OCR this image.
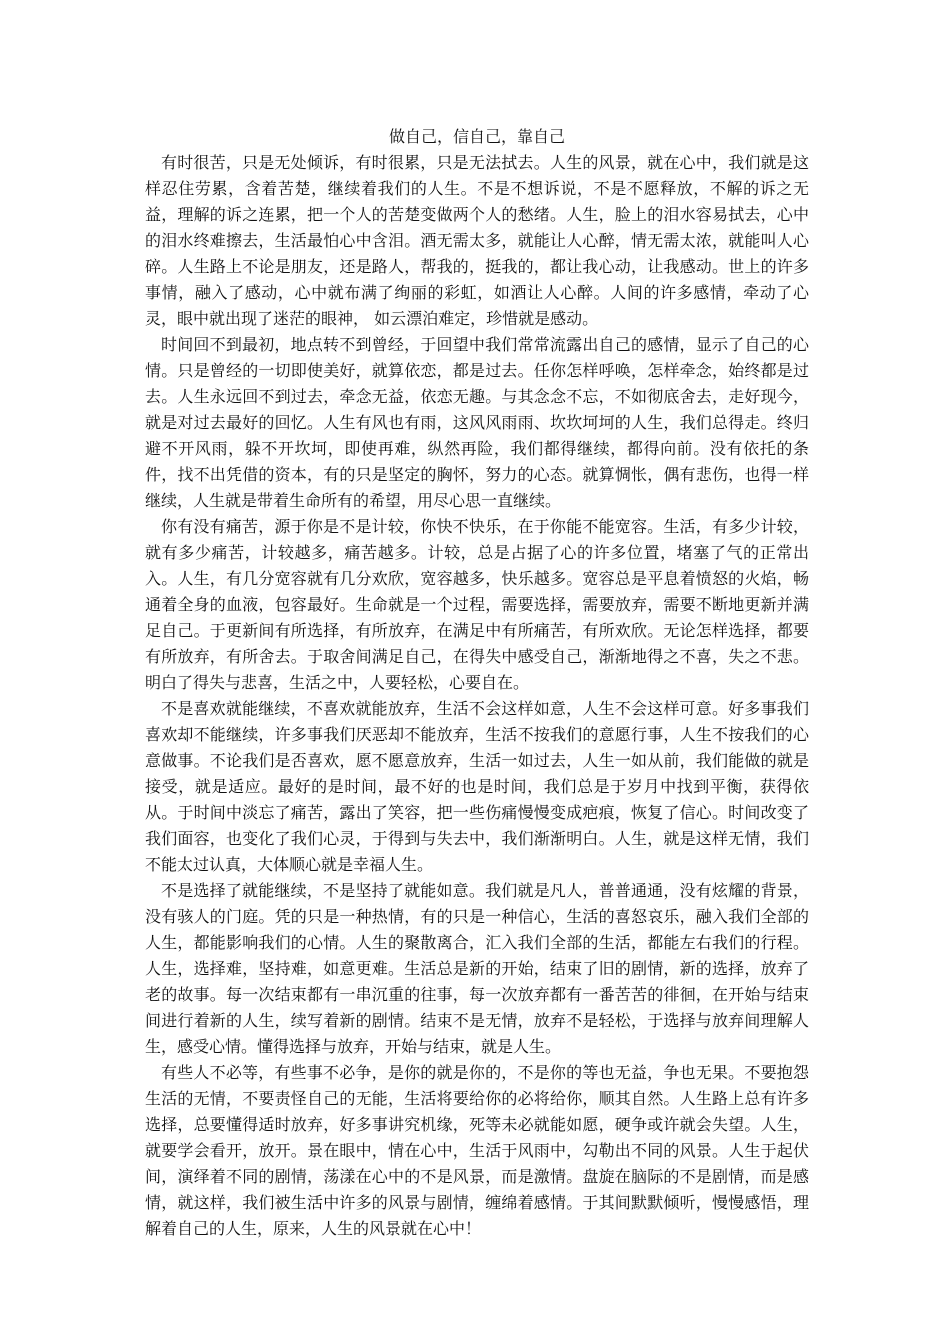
做自己，信自己，靠自己

有时很苦，只是无处倾诉，有时很累，只是无法拭去。人生的风景，就在心中，我们就是这样忍住劳累，含着苦楚，继续着我们的人生。不是不想诉说，不是不愿释放，不解的诉之无益，理解的诉之连累，把一个人的苦楚变做两个人的愁绪。人生，脸上的泪水容易拭去，心中的泪水终难擦去，生活最怕心中含泪。酒无需太多，就能让人心醉，情无需太浓，就能叫人心碎。人生路上不论是朋友，还是路人，帮我的，挺我的，都让我心动，让我感动。世上的许多事情，融入了感动，心中就布满了绚丽的彩虹，如酒让人心醉。人间的许多感情，牵动了心灵，眼中就出现了迷茫的眼神， 如云漂泊难定，珍惜就是感动。

时间回不到最初，地点转不到曾经，于回望中我们常常流露出自己的感情，显示了自己的心情。只是曾经的一切即使美好，就算依恋，都是过去。任你怎样呼唤，怎样牵念，始终都是过去。人生永远回不到过去，牵念无益，依恋无趣。与其念念不忘，不如彻底舍去，走好现今，就是对过去最好的回忆。人生有风也有雨，这风风雨雨、坎坎坷坷的人生，我们总得走。终归避不开风雨，躲不开坎坷，即使再难，纵然再险，我们都得继续，都得向前。没有依托的条件，找不出凭借的资本，有的只是坚定的胸怀，努力的心态。就算惆怅，偶有悲伤，也得一样继续，人生就是带着生命所有的希望，用尽心思一直继续。

你有没有痛苦，源于你是不是计较，你快不快乐，在于你能不能宽容。生活，有多少计较，就有多少痛苦，计较越多，痛苦越多。计较，总是占据了心的许多位置，堵塞了气的正常出入。人生，有几分宽容就有几分欢欣，宽容越多，快乐越多。宽容总是平息着愤怒的火焰，畅通着全身的血液，包容最好。生命就是一个过程，需要选择，需要放弃，需要不断地更新并满足自己。于更新间有所选择，有所放弃，在满足中有所痛苦，有所欢欣。无论怎样选择，都要有所放弃，有所舍去。于取舍间满足自己，在得失中感受自己，渐渐地得之不喜，失之不悲。明白了得失与悲喜，生活之中，人要轻松，心要自在。

不是喜欢就能继续，不喜欢就能放弃，生活不会这样如意，人生不会这样可意。好多事我们喜欢却不能继续，许多事我们厌恶却不能放弃，生活不按我们的意愿行事，人生不按我们的心意做事。不论我们是否喜欢，愿不愿意放弃，生活一如过去，人生一如从前，我们能做的就是接受，就是适应。最好的是时间，最不好的也是时间，我们总是于岁月中找到平衡，获得依从。于时间中淡忘了痛苦，露出了笑容，把一些伤痛慢慢变成疤痕，恢复了信心。时间改变了我们面容，也变化了我们心灵，于得到与失去中，我们渐渐明白。人生，就是这样无情，我们不能太过认真，大体顺心就是幸福人生。

不是选择了就能继续，不是坚持了就能如意。我们就是凡人，普普通通，没有炫耀的背景，没有骇人的门庭。凭的只是一种热情，有的只是一种信心，生活的喜怒哀乐，融入我们全部的人生，都能影响我们的心情。人生的聚散离合，汇入我们全部的生活，都能左右我们的行程。人生，选择难，坚持难，如意更难。生活总是新的开始，结束了旧的剧情，新的选择，放弃了老的故事。每一次结束都有一串沉重的往事，每一次放弃都有一番苦苦的徘徊，在开始与结束间进行着新的人生，续写着新的剧情。结束不是无情，放弃不是轻松，于选择与放弃间理解人生，感受心情。懂得选择与放弃，开始与结束，就是人生。

有些人不必等，有些事不必争，是你的就是你的，不是你的等也无益，争也无果。不要抱怨生活的无情，不要责怪自己的无能，生活将要给你的必将给你，顺其自然。人生路上总有许多选择，总要懂得适时放弃，好多事讲究机缘，死等未必就能如愿，硬争或许就会失望。人生，就要学会看开，放开。景在眼中，情在心中，生活于风雨中，勾勒出不同的风景。人生于起伏间，演绎着不同的剧情，荡漾在心中的不是风景，而是激情。盘旋在脑际的不是剧情，而是感情，就这样，我们被生活中许多的风景与剧情，缠绵着感情。于其间默默倾听，慢慢感悟，理解着自己的人生，原来，人生的风景就在心中！
